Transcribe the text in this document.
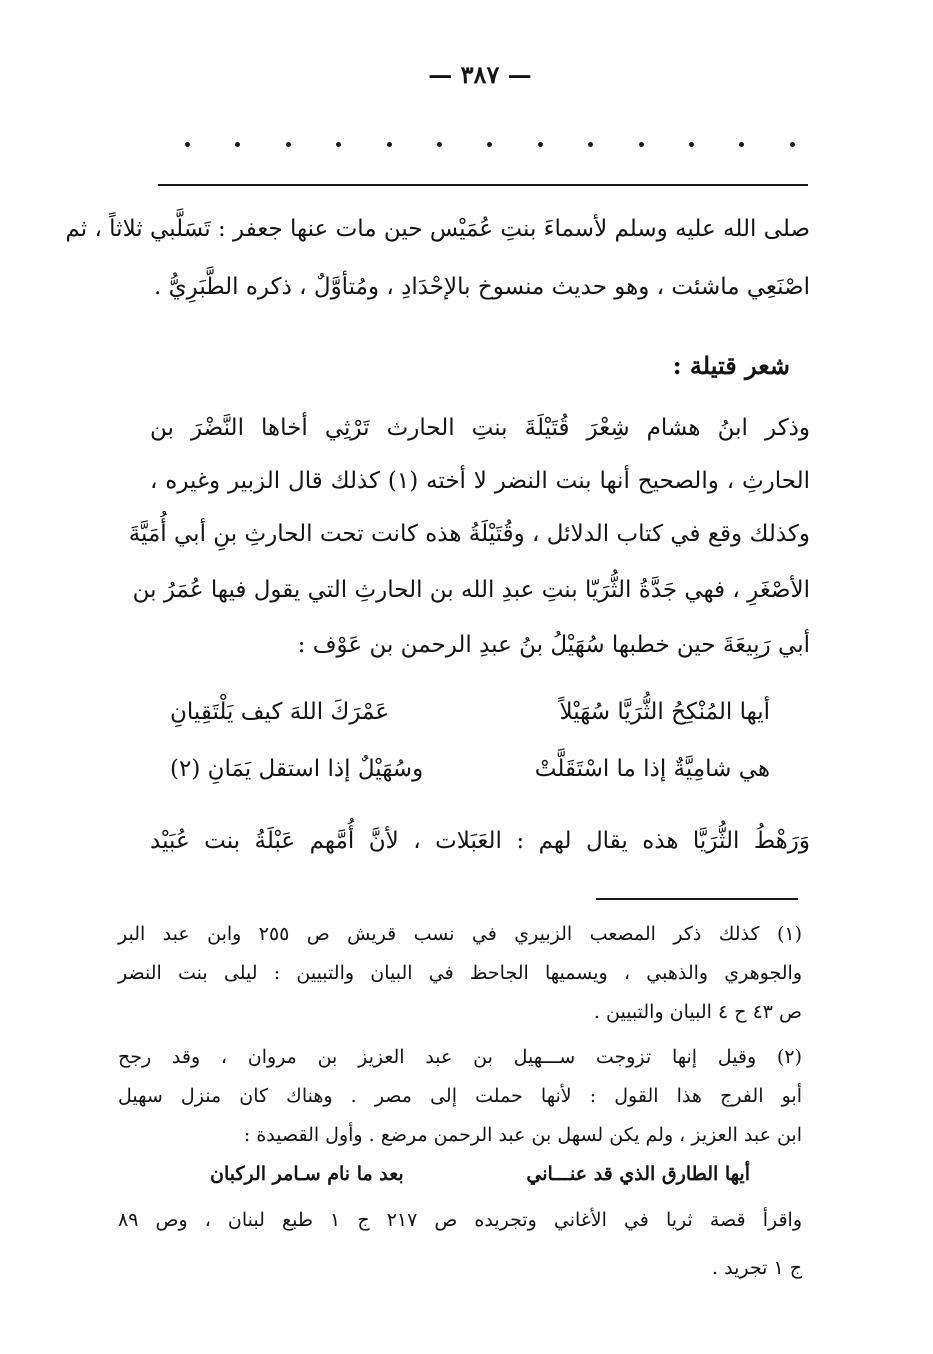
— ٣٨٧ —
صلى الله عليه وسلم لأسماءَ بنتِ عُمَيْس حين مات عنها جعفر : تَسَلَّبي ثلاثاً ، ثم
اصْنَعِي ماشئت ، وهو حديث منسوخ بالإحْدَادِ ، ومُتأوَّلٌ ، ذكره الطَّبَرِيُّ .
شعر قتيلة :
وذكر ابنُ هشام شِعْرَ قُتَيْلَةَ بنتِ الحارث تَرْثِي أخاها النَّضْرَ بن
الحارثِ ، والصحيح أنها بنت النضر لا أخته (١) كذلك قال الزبير وغيره ،
وكذلك وقع في كتاب الدلائل ، وقُتَيْلَةُ هذه كانت تحت الحارثِ بنِ أبي أُمَيَّةَ
الأصْغَرِ ، فهي جَدَّةُ الثُّرَيّا بنتِ عبدِ الله بن الحارثِ التي يقول فيها عُمَرُ بن
أبي رَبِيعَةَ حين خطبها سُهَيْلُ بنُ عبدِ الرحمن بن عَوْف :
أيها المُنْكِحُ الثُّرَيَّا سُهَيْلاً
عَمْرَكَ اللهَ كيف يَلْتَقِيانِ
هي شامِيَّةٌ إذا ما اسْتَقَلَّتْ
وسُهَيْلٌ إذا استقل يَمَانِ (٢)
وَرَهْطُ الثُّرَيَّا هذه يقال لهم : العَبَلات ، لأنَّ أُمَّهم عَبْلَةُ بنت عُبَيْد
(١) كذلك ذكر المصعب الزبيري في نسب قريش ص ٢٥٥ وابن عبد البر
والجوهري والذهبي ، ويسميها الجاحظ في البيان والتبيين : ليلى بنت النضر
ص ٤٣ ح ٤ البيان والتبيين .
(٢) وقيل إنها تزوجت ســـهيل بن عبد العزيز بن مروان ، وقد رجح
أبو الفرج هذا القول : لأنها حملت إلى مصر . وهناك كان منزل سهيل
ابن عبد العزيز ، ولم يكن لسهل بن عبد الرحمن مرضع . وأول القصيدة :
أيها الطارق الذي قد عنـــاني
بعد ما نام سـامر الركبان
واقرأ قصة ثريا في الأغاني وتجريده ص ٢١٧ ج ١ طبع لبنان ، وص ٨٩
ج ١ تجريد .
